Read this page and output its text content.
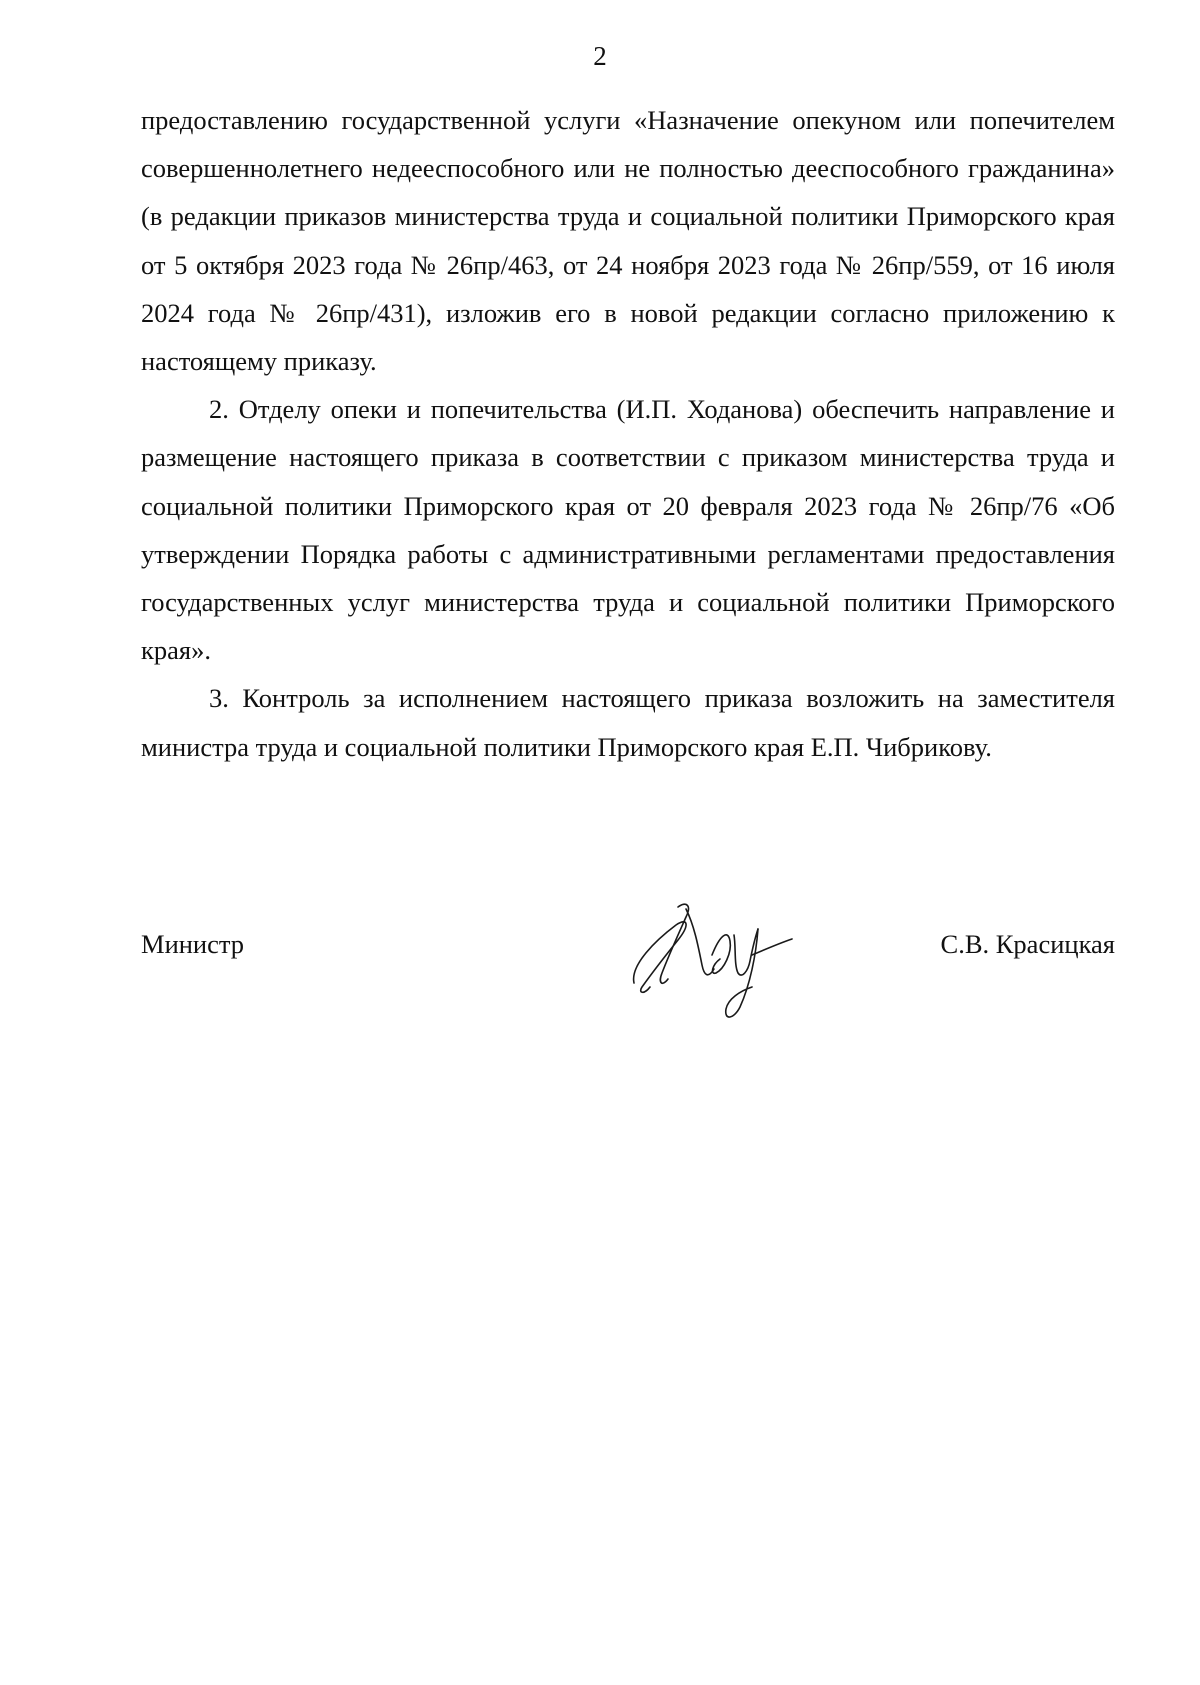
2

предоставлению государственной услуги «Назначение опекуном или попечителем совершеннолетнего недееспособного или не полностью дееспособного гражданина» (в редакции приказов министерства труда и социальной политики Приморского края от 5 октября 2023 года № 26пр/463, от 24 ноября 2023 года № 26пр/559, от 16 июля 2024 года № 26пр/431), изложив его в новой редакции согласно приложению к настоящему приказу.

2. Отделу опеки и попечительства (И.П. Ходанова) обеспечить направление и размещение настоящего приказа в соответствии с приказом министерства труда и социальной политики Приморского края от 20 февраля 2023 года № 26пр/76 «Об утверждении Порядка работы с административными регламентами предоставления государственных услуг министерства труда и социальной политики Приморского края».

3. Контроль за исполнением настоящего приказа возложить на заместителя министра труда и социальной политики Приморского края Е.П. Чибрикову.

Министр	С.В. Красицкая
